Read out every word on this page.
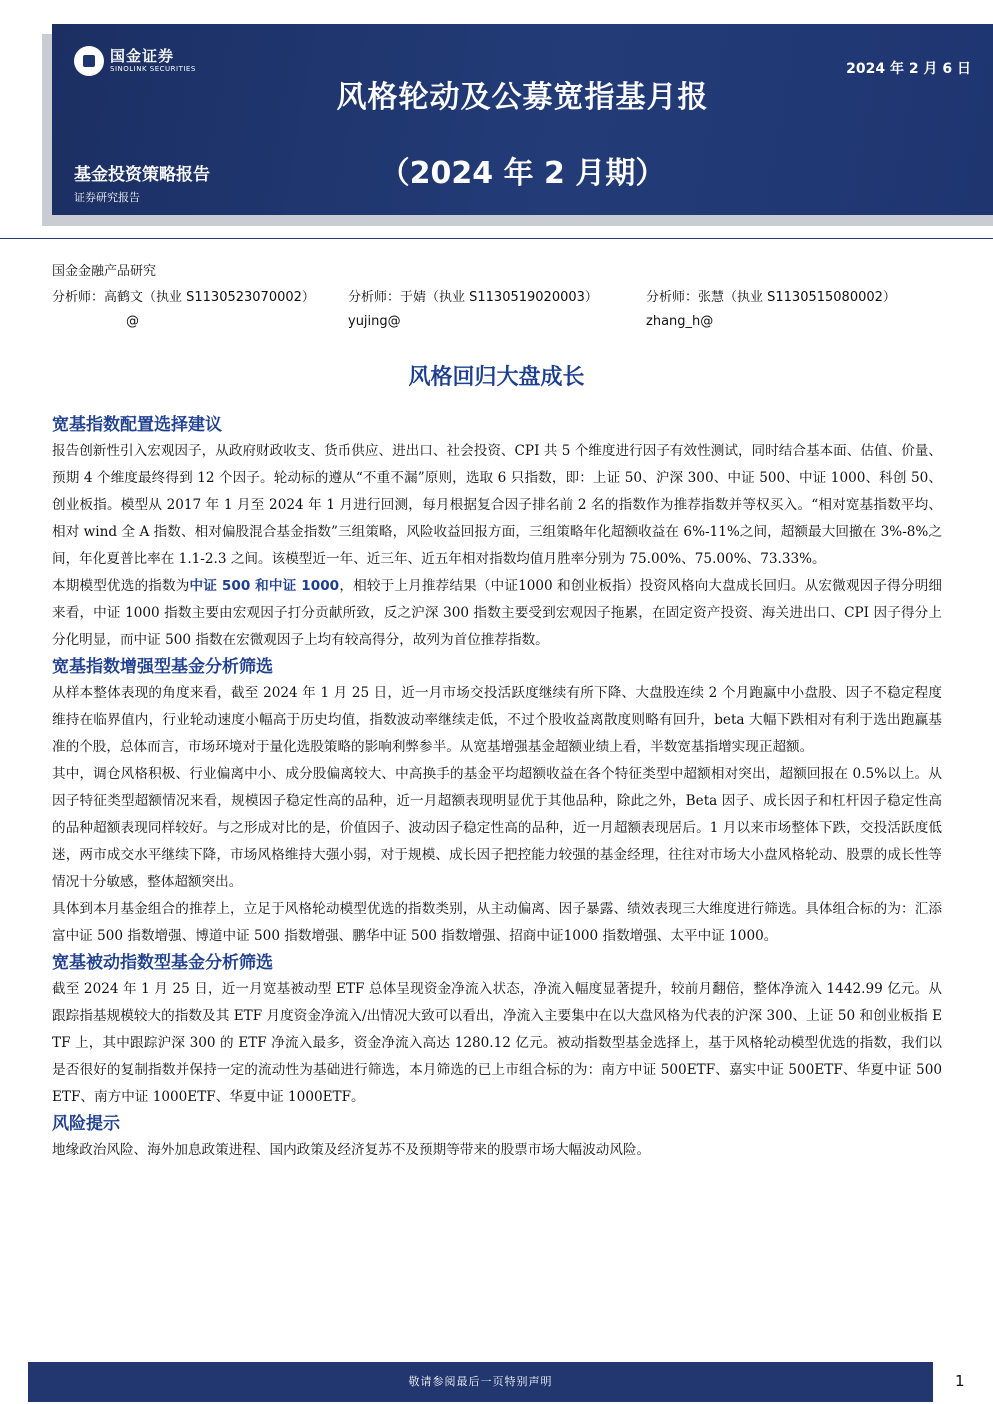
国金证券
SINOLINK SECURITIES	2024 年 2 月 6 日
风格轮动及公募宽指基月报
（2024 年 2 月期）
基金投资策略报告
证券研究报告
国金金融产品研究
分析师：高鹤文（执业 S1130523070002）	分析师：于婧（执业 S1130519020003）	分析师：张慧（执业 S1130515080002）
@	yujing@	zhang_h@
风格回归大盘成长
宽基指数配置选择建议

报告创新性引入宏观因子，从政府财政收支、货币供应、进出口、社会投资、CPI 共 5 个维度进行因子有效性测试，同时结合基本面、估值、价量、预期 4 个维度最终得到 12 个因子。轮动标的遵从“不重不漏”原则，选取 6 只指数，即：上证 50、沪深 300、中证 500、中证 1000、科创 50、创业板指。模型从 2017 年 1 月至 2024 年 1 月进行回测，每月根据复合因子排名前 2 名的指数作为推荐指数并等权买入。“相对宽基指数平均、相对 wind 全 A 指数、相对偏股混合基金指数”三组策略，风险收益回报方面，三组策略年化超额收益在 6%-11%之间，超额最大回撤在 3%-8%之间，年化夏普比率在 1.1-2.3 之间。该模型近一年、近三年、近五年相对指数均值月胜率分别为 75.00%、75.00%、73.33%。

本期模型优选的指数为中证 500 和中证 1000，相较于上月推荐结果（中证1000 和创业板指）投资风格向大盘成长回归。从宏微观因子得分明细来看，中证 1000 指数主要由宏观因子打分贡献所致，反之沪深 300 指数主要受到宏观因子拖累，在固定资产投资、海关进出口、CPI 因子得分上分化明显，而中证 500 指数在宏微观因子上均有较高得分，故列为首位推荐指数。

宽基指数增强型基金分析筛选

从样本整体表现的角度来看，截至 2024 年 1 月 25 日，近一月市场交投活跃度继续有所下降、大盘股连续 2 个月跑赢中小盘股、因子不稳定程度维持在临界值内，行业轮动速度小幅高于历史均值，指数波动率继续走低，不过个股收益离散度则略有回升，beta 大幅下跌相对有利于选出跑赢基准的个股，总体而言，市场环境对于量化选股策略的影响利弊参半。从宽基增强基金超额业绩上看，半数宽基指增实现正超额。

其中，调仓风格积极、行业偏离中小、成分股偏离较大、中高换手的基金平均超额收益在各个特征类型中超额相对突出，超额回报在 0.5%以上。从因子特征类型超额情况来看，规模因子稳定性高的品种，近一月超额表现明显优于其他品种，除此之外，Beta 因子、成长因子和杠杆因子稳定性高的品种超额表现同样较好。与之形成对比的是，价值因子、波动因子稳定性高的品种，近一月超额表现居后。1 月以来市场整体下跌，交投活跃度低迷，两市成交水平继续下降，市场风格维持大强小弱，对于规模、成长因子把控能力较强的基金经理，往往对市场大小盘风格轮动、股票的成长性等情况十分敏感，整体超额突出。

具体到本月基金组合的推荐上，立足于风格轮动模型优选的指数类别，从主动偏离、因子暴露、绩效表现三大维度进行筛选。具体组合标的为：汇添富中证 500 指数增强、博道中证 500 指数增强、鹏华中证 500 指数增强、招商中证1000 指数增强、太平中证 1000。

宽基被动指数型基金分析筛选

截至 2024 年 1 月 25 日，近一月宽基被动型 ETF 总体呈现资金净流入状态，净流入幅度显著提升，较前月翻倍，整体净流入 1442.99 亿元。从跟踪指基规模较大的指数及其 ETF 月度资金净流入/出情况大致可以看出，净流入主要集中在以大盘风格为代表的沪深 300、上证 50 和创业板指 ETF 上，其中跟踪沪深 300 的 ETF 净流入最多，资金净流入高达 1280.12 亿元。被动指数型基金选择上，基于风格轮动模型优选的指数，我们以是否很好的复制指数并保持一定的流动性为基础进行筛选，本月筛选的已上市组合标的为：南方中证 500ETF、嘉实中证 500ETF、华夏中证 500ETF、南方中证 1000ETF、华夏中证 1000ETF。

风险提示

地缘政治风险、海外加息政策进程、国内政策及经济复苏不及预期等带来的股票市场大幅波动风险。

敬请参阅最后一页特别声明	1
